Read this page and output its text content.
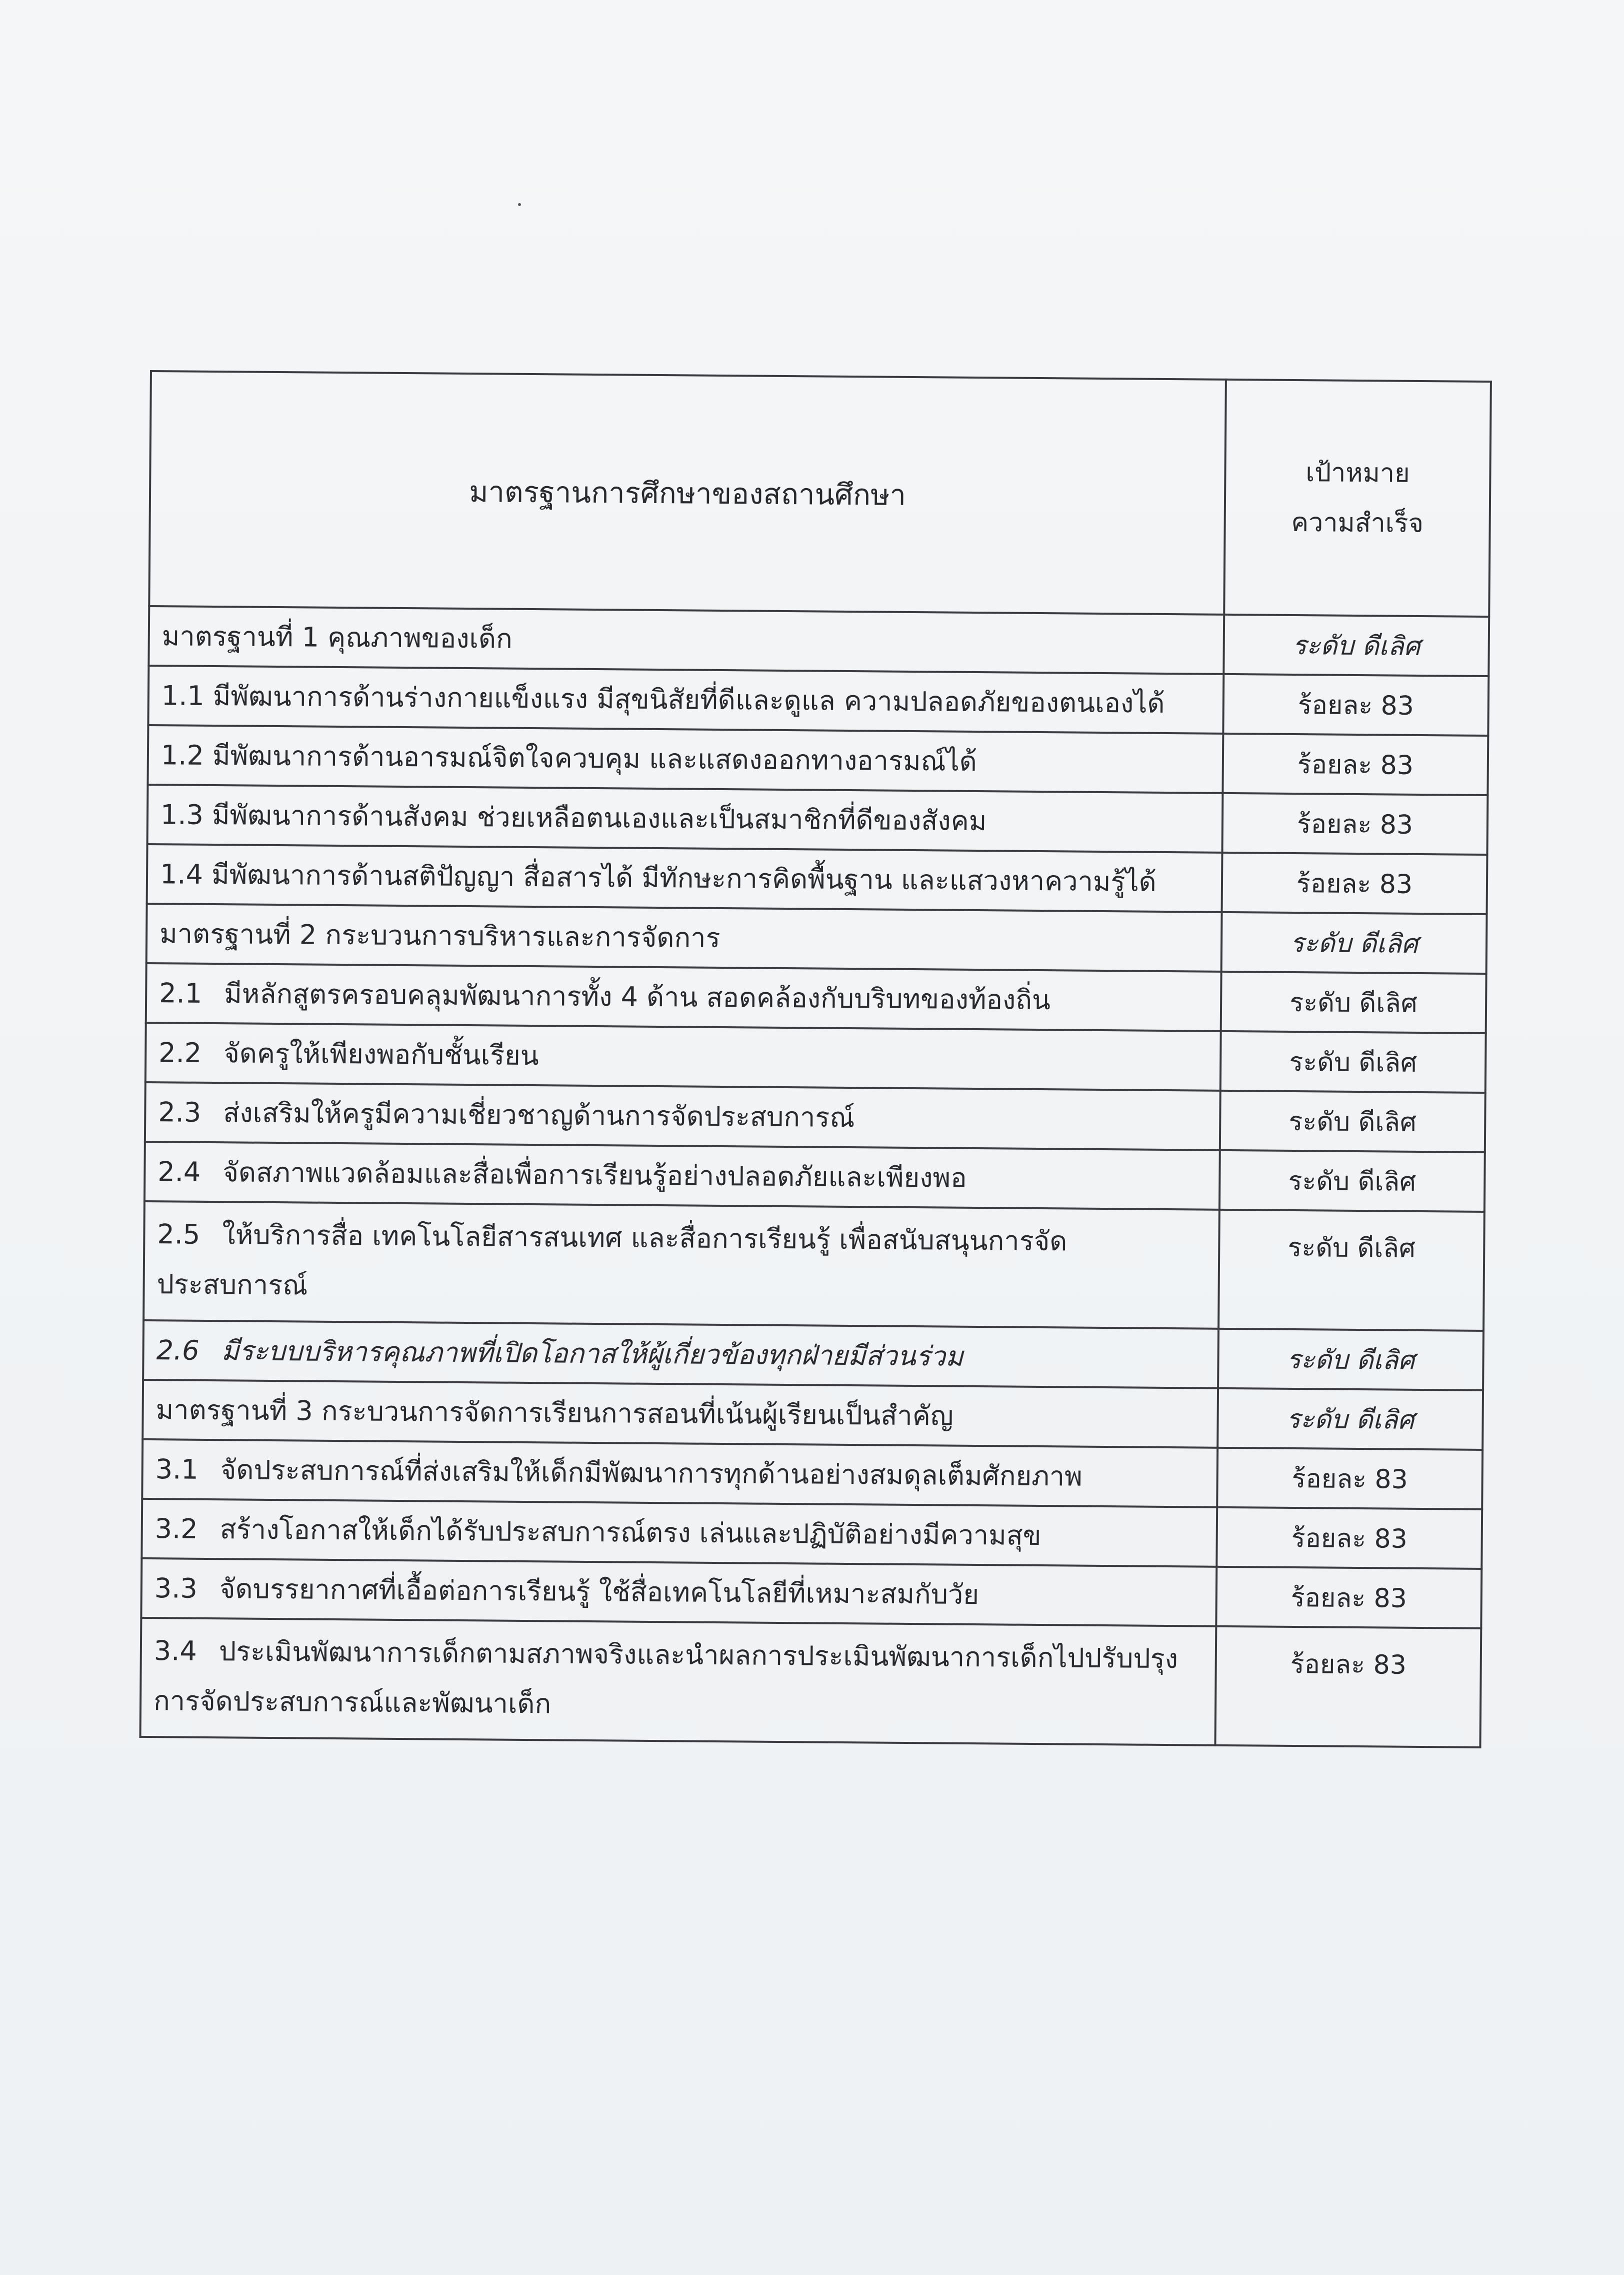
มาตรฐานการศึกษาของสถานศึกษา	เป้าหมาย
ความสำเร็จ

มาตรฐานที่ 1 คุณภาพของเด็ก	ระดับ ดีเลิศ
1.1 มีพัฒนาการด้านร่างกายแข็งแรง มีสุขนิสัยที่ดีและดูแล ความปลอดภัยของตนเองได้	ร้อยละ 83
1.2 มีพัฒนาการด้านอารมณ์จิตใจควบคุม และแสดงออกทางอารมณ์ได้	ร้อยละ 83
1.3 มีพัฒนาการด้านสังคม ช่วยเหลือตนเองและเป็นสมาชิกที่ดีของสังคม	ร้อยละ 83
1.4 มีพัฒนาการด้านสติปัญญา สื่อสารได้ มีทักษะการคิดพื้นฐาน และแสวงหาความรู้ได้	ร้อยละ 83
มาตรฐานที่ 2 กระบวนการบริหารและการจัดการ	ระดับ ดีเลิศ
2.1 มีหลักสูตรครอบคลุมพัฒนาการทั้ง 4 ด้าน สอดคล้องกับบริบทของท้องถิ่น	ระดับ ดีเลิศ
2.2 จัดครูให้เพียงพอกับชั้นเรียน	ระดับ ดีเลิศ
2.3 ส่งเสริมให้ครูมีความเชี่ยวชาญด้านการจัดประสบการณ์	ระดับ ดีเลิศ
2.4 จัดสภาพแวดล้อมและสื่อเพื่อการเรียนรู้อย่างปลอดภัยและเพียงพอ	ระดับ ดีเลิศ
2.5 ให้บริการสื่อ เทคโนโลยีสารสนเทศ และสื่อการเรียนรู้ เพื่อสนับสนุนการจัดประสบการณ์	ระดับ ดีเลิศ
2.6 มีระบบบริหารคุณภาพที่เปิดโอกาสให้ผู้เกี่ยวข้องทุกฝ่ายมีส่วนร่วม	ระดับ ดีเลิศ
มาตรฐานที่ 3 กระบวนการจัดการเรียนการสอนที่เน้นผู้เรียนเป็นสำคัญ	ระดับ ดีเลิศ
3.1 จัดประสบการณ์ที่ส่งเสริมให้เด็กมีพัฒนาการทุกด้านอย่างสมดุลเต็มศักยภาพ	ร้อยละ 83
3.2 สร้างโอกาสให้เด็กได้รับประสบการณ์ตรง เล่นและปฏิบัติอย่างมีความสุข	ร้อยละ 83
3.3 จัดบรรยากาศที่เอื้อต่อการเรียนรู้ ใช้สื่อเทคโนโลยีที่เหมาะสมกับวัย	ร้อยละ 83
3.4 ประเมินพัฒนาการเด็กตามสภาพจริงและนำผลการประเมินพัฒนาการเด็กไปปรับปรุงการจัดประสบการณ์และพัฒนาเด็ก	ร้อยละ 83
